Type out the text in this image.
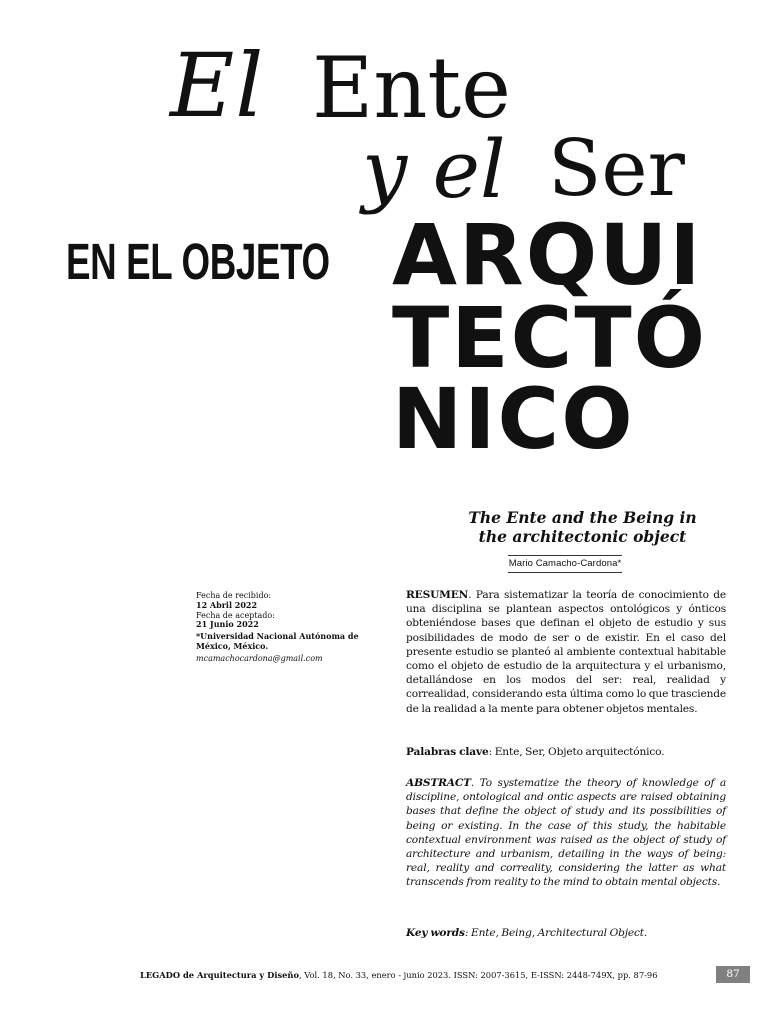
El Ente
y el Ser
EN EL OBJETO ARQUI
TECTÓ
NICO
The Ente and the Being in
the architectonic object
Mario Camacho-Cardona*
Fecha de recibido:
12 Abril 2022
Fecha de aceptado:
21 Junio 2022
*Universidad Nacional Autónoma de México, México.
mcamachocardona@gmail.com
RESUMEN. Para sistematizar la teoría de conocimiento de una disciplina se plantean aspectos ontológicos y ónticos obteniéndose bases que definan el objeto de estudio y sus posibilidades de modo de ser o de existir. En el caso del presente estudio se planteó al ambiente contextual habitable como el objeto de estudio de la arquitectura y el urbanismo, detallándose en los modos del ser: real, realidad y correalidad, considerando esta última como lo que trasciende de la realidad a la mente para obtener objetos mentales.
Palabras clave: Ente, Ser, Objeto arquitectónico.
ABSTRACT. To systematize the theory of knowledge of a discipline, ontological and ontic aspects are raised obtaining bases that define the object of study and its possibilities of being or existing. In the case of this study, the habitable contextual environment was raised as the object of study of architecture and urbanism, detailing in the ways of being: real, reality and correality, considering the latter as what transcends from reality to the mind to obtain mental objects.
Key words: Ente, Being, Architectural Object.
LEGADO de Arquitectura y Diseño, Vol. 18, No. 33, enero - junio 2023. ISSN: 2007-3615, E-ISSN: 2448-749X, pp. 87-96	87
